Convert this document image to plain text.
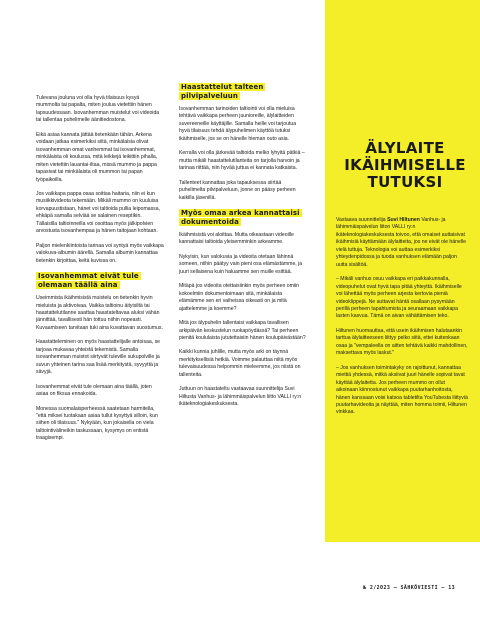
Tulevana jouluna voi olla hyvä tilaisuus kysyä mummolta tai papalta, miten joulua vietettiin hänen lapsuudessaan. Isovanhemman muistelut voi videoida tai tallentaa puhelimelle äänitiedostona.

Eikä asiaa kannata jättää tietenkään tähän. Arkena voidaan jatkaa esimerkiksi siitä, minkälaisia olivat isovanhemman omat vanhemmat tai isovanhemmat, minkälaista oli koulussa, mitä leikkejä leikittiin pihalla, miten vietettiin lauantai-iltaa, missä mummo ja pappa tapasivat tai minkälaista oli mummon tai papan työpaikoilla.

Jos vaikkapa pappa osaa soittaa haitaria, niin ei kun musiikkivideota tekemään. Mikäli mummo on kuuluisa korvapuustistaan, hänet voi taltioida pullia leipomassa, ehkäpä samalla selviää se salainen reseptikin. Tällaisilla taltioinneilla voi osoittaa myös jälkipolvien arvostusta isovanhempaa ja hänen taitojaan kohtaan.

Paljon mielenkiintoista tarinaa voi syntyä myös vaikkapa valokuva-albumin äärellä. Samalla albumin kannattaa tietenkin kirjoittaa, keitä kuvissa on.

Isovanhemmat eivät tule olemaan täällä aina

Useimmista ikäihmisistä muistelu on tietenkin hyvin mieluista ja aktivoivaa. Vaikka taltioinu äityisiltä tai haastattelutilanne saattaa haastateltavaa aluksi vähän jännittää, tavallisesti hän tottuu niihin nopeasti. Kuvaamiseen tarvitaan tuki aina kuvattavan suostumus.

Haastatteleminen on myös haastattelijalle antoisaa, se tarjoaa mukavaa yhteistä tekemistä. Samalla isovanhemman muistot siirtyvät tuleville sukupolville ja suvun yhteinen tarina saa lisää merkitystä, syvyyttä ja sävyjä.

Isovanhemmat eivät tule olemaan aina täällä, joten asiaa on fiksua ennakoida.

Monessa suomalaisperheessä saatetaan harmitella, "että miksei tuotakaan asiaa tullut kysyttyä silloin, kun siihen oli tilaisuus." Nykyään, kun jokaisella on viela taltiointivälineikin taskussaan, kysymys on entistä traagisempi.

Haastattelut talteen pilvipalveluun

Isovanhemman tarinoiden taltiointi voi olla mieluisa tehtävä vaikkapa perheen juunioreille, älylaitteiden suvereeneille käyttäjille. Samalla heille voi tarjoutua hyvä tilaisuus tehdä älypuhelimen käyttöä tutuksi ikäihmiselle, jos se on hänelle hieman outo asia.

Kerralla voi olla järkevää taltioida melko lyhyitä pätkiä – mutta mikäli haastattelutilanteita on tarjolla harvoin ja tarinaa riittää, niin hyvää juttua ei kannata katkaista.

Tallenteet kannattaa joka tapauksessa siirtää puhelimelta pilvipalveluun, jonne on pääsy perheen kaikilla jäsenillä.

Myös omaa arkea kannattaisi dokumentoida

Ikäihmisistä voi aloittaa. Mutta oikeastaan videoille kannattaisi taltioida yleisemminkin arkeamme.

Nykyisin, kun valokuvia ja videoita otetaan lähinnä someen, niihin päätyy vain pieni osa elämästämme, ja juuri sellaisena kuin haluamme sen muille esittää.

Mitäpä jos videoita otettaisiinkin myös perheen omiin kokoelmiin dokumentoimaan sitä, minkälaista elämämme sen eri vaiheissa oikeasti on ja mitä ajattelemme ja koemme?

Mitä jos älypuhelin tallentaisi vaikkapa tavallisen arkipäivän keskustelun ruokapöydässä? Tai perheen pienitä koululaista jututettaisiin hänen koulupäivästään?

Kaikki kunnia juhlille, mutta myös arki on täynnä merkityksellisiä hetkiä. Voimme palauttaa niitä myös tulevaisuudessa helpommin mieleemme, jos niistä on tallenteita.

Juttuun on haastateltu vastaavaa suunnittelija Suvi Hiltusta Vanhus- ja lähimmäispalvelun liitto VALLI ry:n ikäteknologiakeskuksesta.

ÄLYLAITE IKÄIHMISELLE TUTUKSI

Vastaava suunnittelija Suvi Hiltunen Vanhus- ja lähimmäispalvelun liiton VALLI ry:n ikäteknologiakeskuksesta toivoo, että omaiset auttaisivat ikäihmisiä käyttämään älylaitteita, jos ne eivät ole hänelle vielä tuttuja. Teknologia voi auttaa esimerkiksi yhteydenpidossa ja tuoda vanhuksen elämään paljon uutta sisältöä.

– Mikäli vanhus osuu vaikkapa eri paikkakunnalla, videopuhelut ovat hyvä tapa pitää yhteyttä. Ikäihmiselle voi lähettää myös perheen arjesta kertovia pieniä videoklippejä. Ne auttavat häntä osallaan pysymään perillä perheen tapahtumista ja seuraamaan vaikkapa lasten kasvua. Tämä on aivan vähättämisen teko.

Hiltunen huomauttaa, että usein ikäihmisen halutaankin tarttua älylaitteeseen liittyy pelko siitä, ettei kuitenkaan osaa ja "vempaleella on aitten tehtävä kaikki mahdollinen, maksettava myös laskut."

– Jos vanhuksen toimintakyky on rajoittunut, kannattaa miettiä yhdessä, mitkä aksiivat juuri hänelle sopivat tavat käyttää älylaitetta. Jos perheen mummo on ollut aikoinaan kiinnostunut vaikkapa puutarhanhoitosta, hänen kanssaan voisi katsoa tabletilta YouTubesta liittyviä puutarhavideoita ja näyttää, miten homma toimii, Hiltunen vinkkaa.

№ 2/2023 – SÄHKÖVIESTI – 13
